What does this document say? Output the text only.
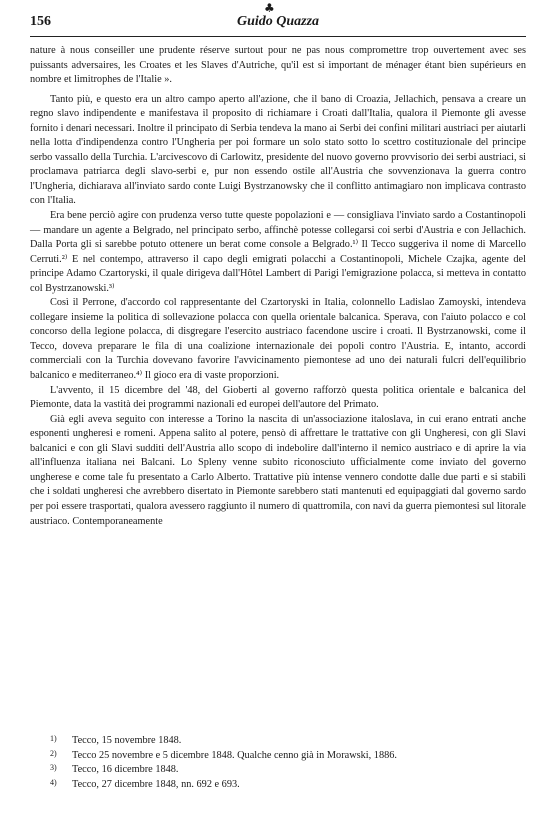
156
♣
Guido Quazza

nature à nous conseiller une prudente réserve surtout pour ne pas nous compromettre trop ouvertement avec ses puissants adversaires, les Croates et les Slaves d'Autriche, qu'il est si important de ménager étant bien supérieurs en nombre et limitrophes de l'Italie ».

Tanto più, e questo era un altro campo aperto all'azione, che il bano di Croazia, Jellachich, pensava a creare un regno slavo indipendente e manifestava il proposito di richiamare i Croati dall'Italia, qualora il Piemonte gli avesse fornito i denari necessari. Inoltre il principato di Serbia tendeva la mano ai Serbi dei confini militari austriaci per aiutarli nella lotta d'indipendenza contro l'Ungheria per poi formare un solo stato sotto lo scettro costituzionale del principe serbo vassallo della Turchia. L'arcivescovo di Carlowitz, presidente del nuovo governo provvisorio dei serbi austriaci, si proclamava patriarca degli slavo-serbi e, pur non essendo ostile all'Austria che sovvenzionava la guerra contro l'Ungheria, dichiarava all'inviato sardo conte Luigi Bystrzanowsky che il conflitto antimagiaro non implicava contrasto con l'Italia.

Era bene perciò agire con prudenza verso tutte queste popolazioni e — consigliava l'inviato sardo a Costantinopoli — mandare un agente a Belgrado, nel principato serbo, affinchè potesse collegarsi coi serbi d'Austria e con Jellachich. Dalla Porta gli si sarebbe potuto ottenere un berat come console a Belgrado.¹⁾ Il Tecco suggeriva il nome di Marcello Cerruti.²⁾ E nel contempo, attraverso il capo degli emigrati polacchi a Costantinopoli, Michele Czajka, agente del principe Adamo Czartoryski, il quale dirigeva dall'Hôtel Lambert di Parigi l'emigrazione polacca, si metteva in contatto col Bystrzanowski.³⁾

Così il Perrone, d'accordo col rappresentante del Czartoryski in Italia, colonnello Ladislao Zamoyski, intendeva collegare insieme la politica di sollevazione polacca con quella orientale balcanica. Sperava, con l'aiuto polacco e col concorso della legione polacca, di disgregare l'esercito austriaco facendone uscire i croati. Il Bystrzanowski, come il Tecco, doveva preparare le fila di una coalizione internazionale dei popoli contro l'Austria. E, intanto, accordi commerciali con la Turchia dovevano favorire l'avvicinamento piemontese ad uno dei naturali fulcri dell'equilibrio balcanico e mediterraneo.⁴⁾ Il gioco era di vaste proporzioni.

L'avvento, il 15 dicembre del '48, del Gioberti al governo rafforzò questa politica orientale e balcanica del Piemonte, data la vastità dei programmi nazionali ed europei dell'autore del Primato.

Già egli aveva seguito con interesse a Torino la nascita di un'associazione italoslava, in cui erano entrati anche esponenti ungheresi e romeni. Appena salito al potere, pensò di affrettare le trattative con gli Ungheresi, con gli Slavi balcanici e con gli Slavi sudditi dell'Austria allo scopo di indebolire dall'interno il nemico austriaco e di aprire la via all'influenza italiana nei Balcani. Lo Spleny venne subito riconosciuto ufficialmente come inviato del governo ungherese e come tale fu presentato a Carlo Alberto. Trattative più intense vennero condotte dalle due parti e si stabilì che i soldati ungheresi che avrebbero disertato in Piemonte sarebbero stati mantenuti ed equipaggiati dal governo sardo per poi essere trasportati, qualora avessero raggiunto il numero di quattromila, con navi da guerra piemontesi sul litorale austriaco. Contemporaneamente

1) Tecco, 15 novembre 1848.
2) Tecco 25 novembre e 5 dicembre 1848. Qualche cenno già in Morawski, 1886.
3) Tecco, 16 dicembre 1848.
4) Tecco, 27 dicembre 1848, nn. 692 e 693.
